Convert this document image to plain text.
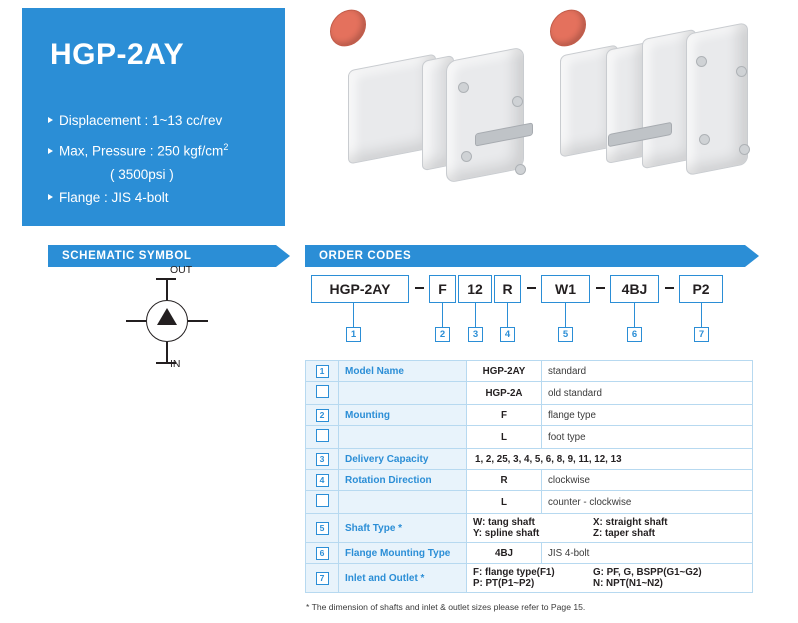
HGP-2AY
Displacement : 1~13 cc/rev
Max, Pressure : 250 kgf/$cm^2$
( 3500psi )
Flange : JIS 4-bolt
SCHEMATIC SYMBOL	ORDER CODES
OUT
IN
HGP-2AY	F	12	R	W1	4BJ	P2
1	2	3	4	5	6	7
1	Model Name	HGP-2AY	standard
		HGP-2A	old standard
2	Mounting	F	flange type
		L	foot type
3	Delivery Capacity	1, 2, 25, 3, 4, 5, 6, 8, 9, 11, 12, 13	
4	Rotation Direction	R	clockwise
		L	counter - clockwise
5	Shaft Type *	W: tang shaft X: straight shaft
Y: spline shaft Z: taper shaft	

6	Flange Mounting Type	4BJ	JIS 4-bolt
7	Inlet and Outlet *	F: flange type(F1) G: PF, G, BSPP(G1~G2)
P: PT(P1~P2) N: NPT(N1~N2)	
* The dimension of shafts and inlet & outlet sizes please refer to Page 15.
